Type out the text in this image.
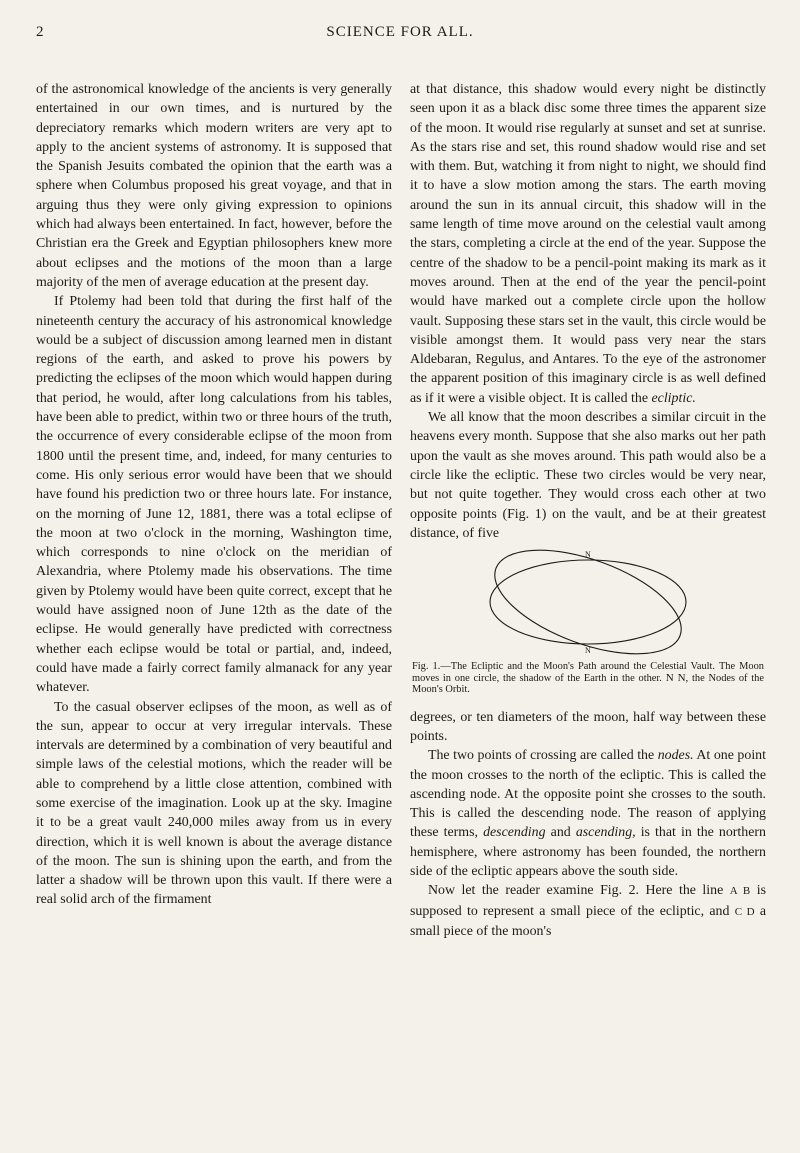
2	SCIENCE FOR ALL.

of the astronomical knowledge of the ancients is very generally entertained in our own times, and is nurtured by the depreciatory remarks which modern writers are very apt to apply to the ancient systems of astronomy. It is supposed that the Spanish Jesuits combated the opinion that the earth was a sphere when Columbus proposed his great voyage, and that in arguing thus they were only giving expression to opinions which had always been entertained. In fact, however, before the Christian era the Greek and Egyptian philosophers knew more about eclipses and the motions of the moon than a large majority of the men of average education at the present day.

If Ptolemy had been told that during the first half of the nineteenth century the accuracy of his astronomical knowledge would be a subject of discussion among learned men in distant regions of the earth, and asked to prove his powers by predicting the eclipses of the moon which would happen during that period, he would, after long calculations from his tables, have been able to predict, within two or three hours of the truth, the occurrence of every considerable eclipse of the moon from 1800 until the present time, and, indeed, for many centuries to come. His only serious error would have been that we should have found his prediction two or three hours late. For instance, on the morning of June 12, 1881, there was a total eclipse of the moon at two o'clock in the morning, Washington time, which corresponds to nine o'clock on the meridian of Alexandria, where Ptolemy made his observations. The time given by Ptolemy would have been quite correct, except that he would have assigned noon of June 12th as the date of the eclipse. He would generally have predicted with correctness whether each eclipse would be total or partial, and, indeed, could have made a fairly correct family almanack for any year whatever.

To the casual observer eclipses of the moon, as well as of the sun, appear to occur at very irregular intervals. These intervals are determined by a combination of very beautiful and simple laws of the celestial motions, which the reader will be able to comprehend by a little close attention, combined with some exercise of the imagination. Look up at the sky. Imagine it to be a great vault 240,000 miles away from us in every direction, which it is well known is about the average distance of the moon. The sun is shining upon the earth, and from the latter a shadow will be thrown upon this vault. If there were a real solid arch of the firmament

at that distance, this shadow would every night be distinctly seen upon it as a black disc some three times the apparent size of the moon. It would rise regularly at sunset and set at sunrise. As the stars rise and set, this round shadow would rise and set with them. But, watching it from night to night, we should find it to have a slow motion among the stars. The earth moving around the sun in its annual circuit, this shadow will in the same length of time move around on the celestial vault among the stars, completing a circle at the end of the year. Suppose the centre of the shadow to be a pencil-point making its mark as it moves around. Then at the end of the year the pencil-point would have marked out a complete circle upon the hollow vault. Supposing these stars set in the vault, this circle would be visible amongst them. It would pass very near the stars Aldebaran, Regulus, and Antares. To the eye of the astronomer the apparent position of this imaginary circle is as well defined as if it were a visible object. It is called the ecliptic.

We all know that the moon describes a similar circuit in the heavens every month. Suppose that she also marks out her path upon the vault as she moves around. This path would also be a circle like the ecliptic. These two circles would be very near, but not quite together. They would cross each other at two opposite points (Fig. 1) on the vault, and be at their greatest distance, of five

N
N
Fig. 1.—The Ecliptic and the Moon's Path around the Celestial Vault. The Moon moves in one circle, the shadow of the Earth in the other. N N, the Nodes of the Moon's Orbit.

degrees, or ten diameters of the moon, half way between these points.

The two points of crossing are called the nodes. At one point the moon crosses to the north of the ecliptic. This is called the ascending node. At the opposite point she crosses to the south. This is called the descending node. The reason of applying these terms, descending and ascending, is that in the northern hemisphere, where astronomy has been founded, the northern side of the ecliptic appears above the south side.

Now let the reader examine Fig. 2. Here the line A B is supposed to represent a small piece of the ecliptic, and C D a small piece of the moon's
